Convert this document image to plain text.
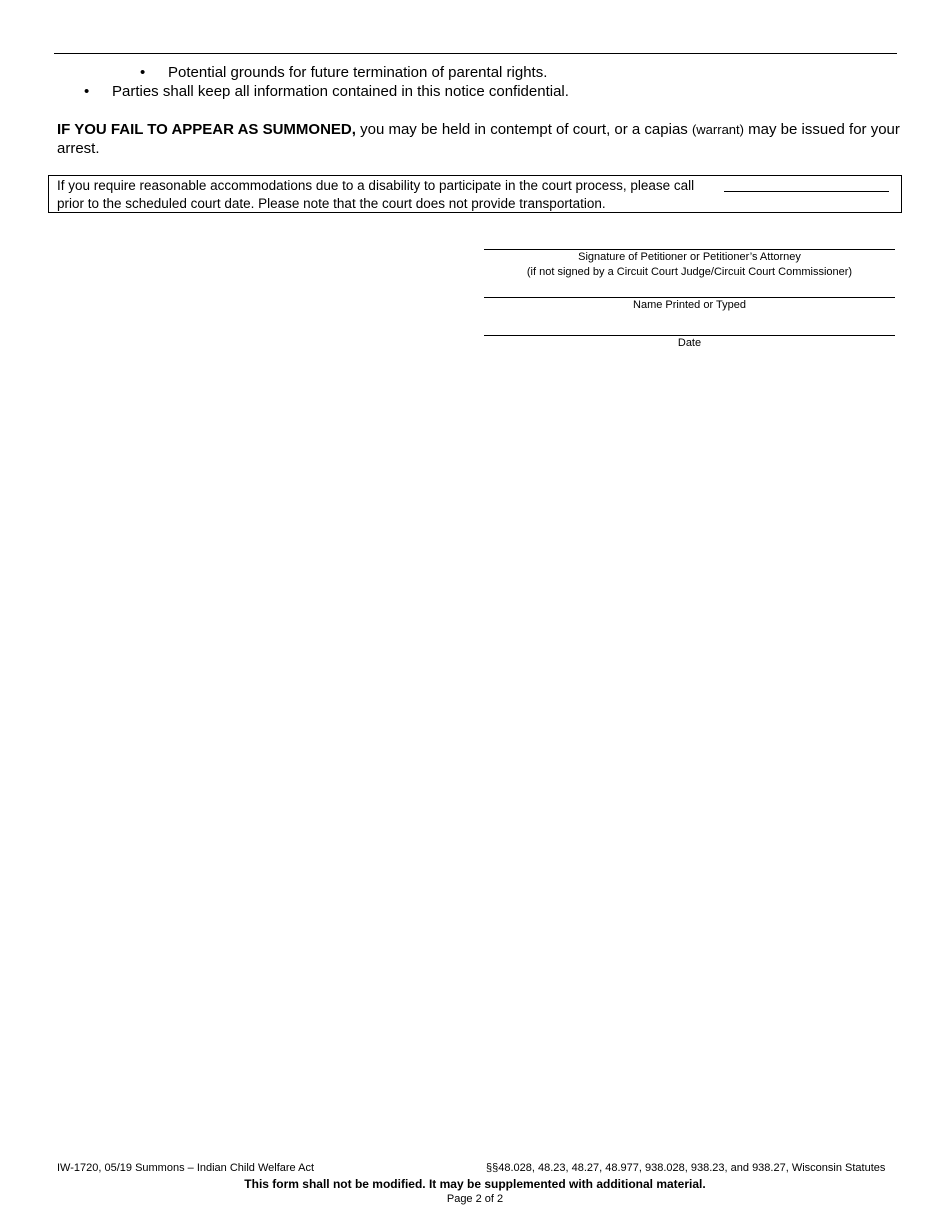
• Potential grounds for future termination of parental rights.
• Parties shall keep all information contained in this notice confidential.
IF YOU FAIL TO APPEAR AS SUMMONED, you may be held in contempt of court, or a capias (warrant) may be issued for your arrest.
If you require reasonable accommodations due to a disability to participate in the court process, please call
prior to the scheduled court date. Please note that the court does not provide transportation.
Signature of Petitioner or Petitioner’s Attorney
(if not signed by a Circuit Court Judge/Circuit Court Commissioner)
Name Printed or Typed
Date
IW-1720, 05/19 Summons – Indian Child Welfare Act	§§48.028, 48.23, 48.27, 48.977, 938.028, 938.23, and 938.27, Wisconsin Statutes
This form shall not be modified. It may be supplemented with additional material.
Page 2 of 2
